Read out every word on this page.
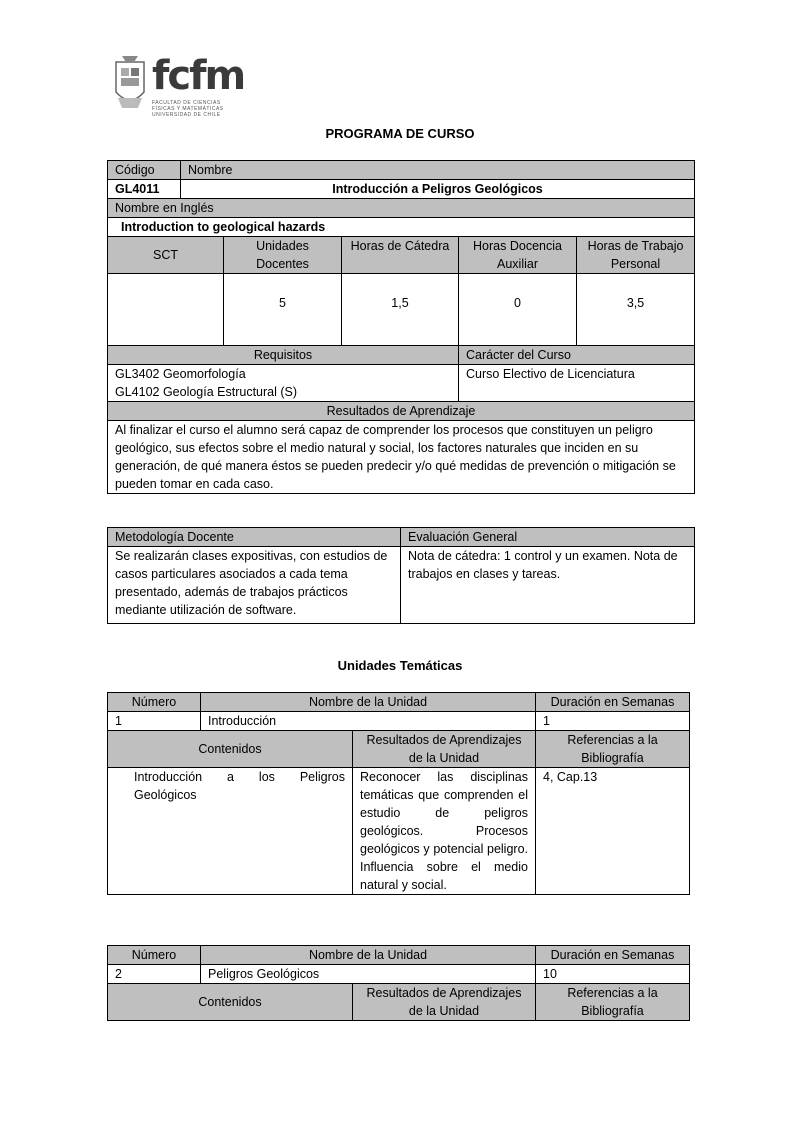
fcfm
FACULTAD DE CIENCIAS FÍSICAS Y MATEMÁTICAS UNIVERSIDAD DE CHILE
PROGRAMA DE CURSO
Código	Nombre				
GL4011	Introducción a Peligros Geológicos				
Nombre en Inglés					
Introduction to geological hazards					
SCT		Unidades Docentes	Horas de Cátedra	Horas Docencia Auxiliar	Horas de Trabajo Personal
		5	1,5	0	3,5
Requisitos				Carácter del Curso	

GL3402 Geomorfología
GL4102 Geología Estructural (S)				Curso Electivo de Licenciatura	
Resultados de Aprendizaje					
Al finalizar el curso el alumno será capaz de comprender los procesos que constituyen un peligro geológico, sus efectos sobre el medio natural y social, los factores naturales que inciden en su generación, de qué manera éstos se pueden predecir y/o qué medidas de prevención o mitigación se pueden tomar en cada caso.					
Metodología Docente	Evaluación General
Se realizarán clases expositivas, con estudios de casos particulares asociados a cada tema presentado, además de trabajos prácticos mediante utilización de software.	Nota de cátedra: 1 control y un examen. Nota de trabajos en clases y tareas.
Unidades Temáticas
Número	Nombre de la Unidad		Duración en Semanas
1	Introducción		1
Contenidos		Resultados de Aprendizajes de la Unidad	Referencias a la Bibliografía
Introducción a los Peligros Geológicos		Reconocer las disciplinas temáticas que comprenden el estudio de peligros geológicos. Procesos geológicos y potencial peligro. Influencia sobre el medio natural y social.	4, Cap.13
Número	Nombre de la Unidad		Duración en Semanas
2	Peligros Geológicos		10
Contenidos		Resultados de Aprendizajes de la Unidad	Referencias a la Bibliografía
